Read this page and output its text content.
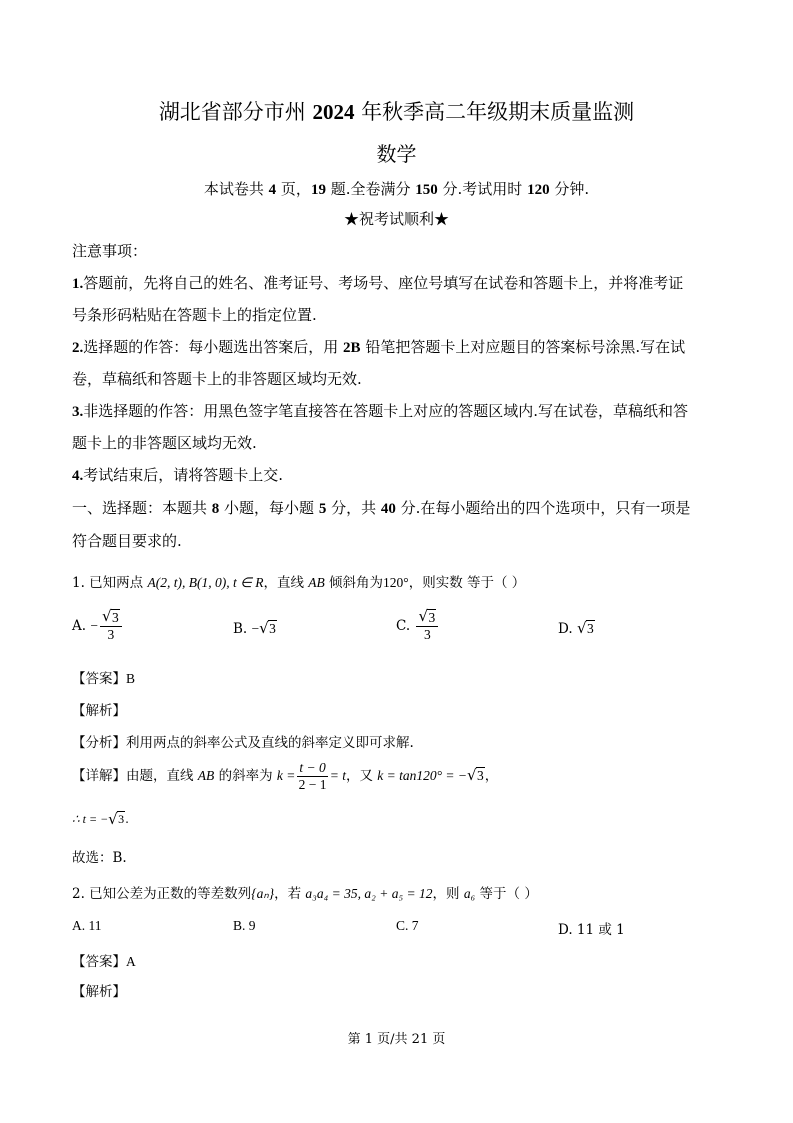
湖北省部分市州 2024 年秋季高二年级期末质量监测
数学
本试卷共 4 页，19 题.全卷满分 150 分.考试用时 120 分钟.
★祝考试顺利★
注意事项：
1.答题前，先将自己的姓名、准考证号、考场号、座位号填写在试卷和答题卡上，并将准考证
号条形码粘贴在答题卡上的指定位置.
2.选择题的作答：每小题选出答案后，用 2B 铅笔把答题卡上对应题目的答案标号涂黑.写在试
卷，草稿纸和答题卡上的非答题区域均无效.
3.非选择题的作答：用黑色签字笔直接答在答题卡上对应的答题区域内.写在试卷，草稿纸和答
题卡上的非答题区域均无效.
4.考试结束后，请将答题卡上交.
一、选择题：本题共 8 小题，每小题 5 分，共 40 分.在每小题给出的四个选项中，只有一项是
符合题目要求的.
1. 已知两点 A(2, t), B(1, 0), t ∈ R，直线 AB 倾斜角为120°，则实数 等于（ ）
A. − √ $\frac{3}{3}$	B. − √ 3	C. √ $\frac{3}{3}$	D. √ 3
【答案】B
【解析】
【分析】利用两点的斜率公式及直线的斜率定义即可求解.
【详解】由题，直线 AB 的斜率为 $k = \frac{t - 0}{2 - 1} = t$，又 k = tan120° = − √ 3，
∴ t = − √ 3.
故选：B.
2. 已知公差为正数的等差数列{aₙ}，若 a₃a₄ = 35, a₂ + a₅ = 12，则 a₆ 等于（ ）
A. 11	B. 9	C. 7	D. 11 或 1
【答案】A
【解析】
第 1 页/共 21 页
